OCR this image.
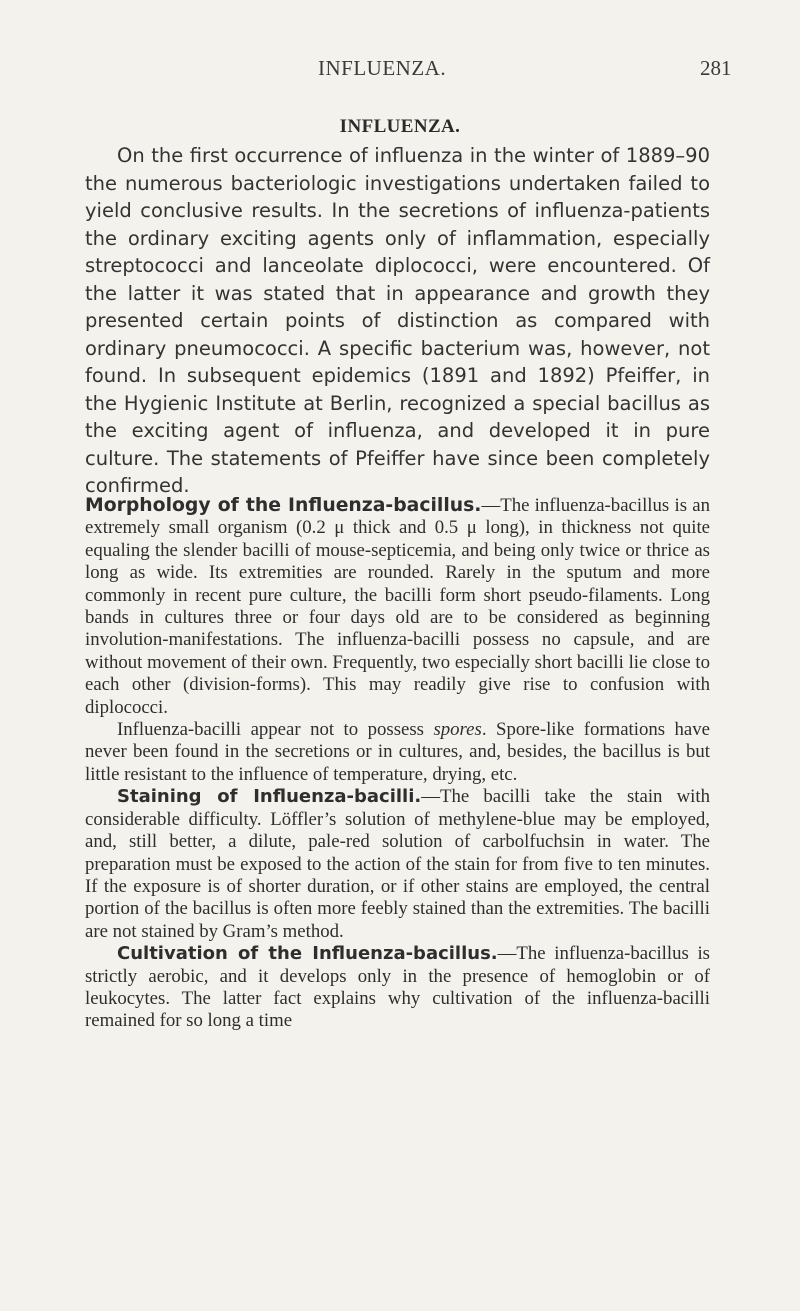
INFLUENZA.	281
INFLUENZA.

On the first occurrence of influenza in the winter of 1889–90 the numerous bacteriologic investigations undertaken failed to yield conclusive results. In the secretions of influenza-patients the ordinary exciting agents only of inflammation, especially streptococci and lanceolate diplococci, were encountered. Of the latter it was stated that in appearance and growth they presented certain points of distinction as compared with ordinary pneumococci. A specific bacterium was, however, not found. In subsequent epidemics (1891 and 1892) Pfeiffer, in the Hygienic Institute at Berlin, recognized a special bacillus as the exciting agent of influenza, and developed it in pure culture. The statements of Pfeiffer have since been completely confirmed.

Morphology of the Influenza-bacillus.—The influenza-bacillus is an extremely small organism (0.2 μ thick and 0.5 μ long), in thickness not quite equaling the slender bacilli of mouse-septicemia, and being only twice or thrice as long as wide. Its extremities are rounded. Rarely in the sputum and more commonly in recent pure culture, the bacilli form short pseudo-filaments. Long bands in cultures three or four days old are to be considered as beginning involution-manifestations. The influenza-bacilli possess no capsule, and are without movement of their own. Frequently, two especially short bacilli lie close to each other (division-forms). This may readily give rise to confusion with diplococci.

Influenza-bacilli appear not to possess spores. Spore-like formations have never been found in the secretions or in cultures, and, besides, the bacillus is but little resistant to the influence of temperature, drying, etc.

Staining of Influenza-bacilli.—The bacilli take the stain with considerable difficulty. Löffler’s solution of methylene-blue may be employed, and, still better, a dilute, pale-red solution of carbolfuchsin in water. The preparation must be exposed to the action of the stain for from five to ten minutes. If the exposure is of shorter duration, or if other stains are employed, the central portion of the bacillus is often more feebly stained than the extremities. The bacilli are not stained by Gram’s method.

Cultivation of the Influenza-bacillus.—The influenza-bacillus is strictly aerobic, and it develops only in the presence of hemoglobin or of leukocytes. The latter fact explains why cultivation of the influenza-bacilli remained for so long a time
